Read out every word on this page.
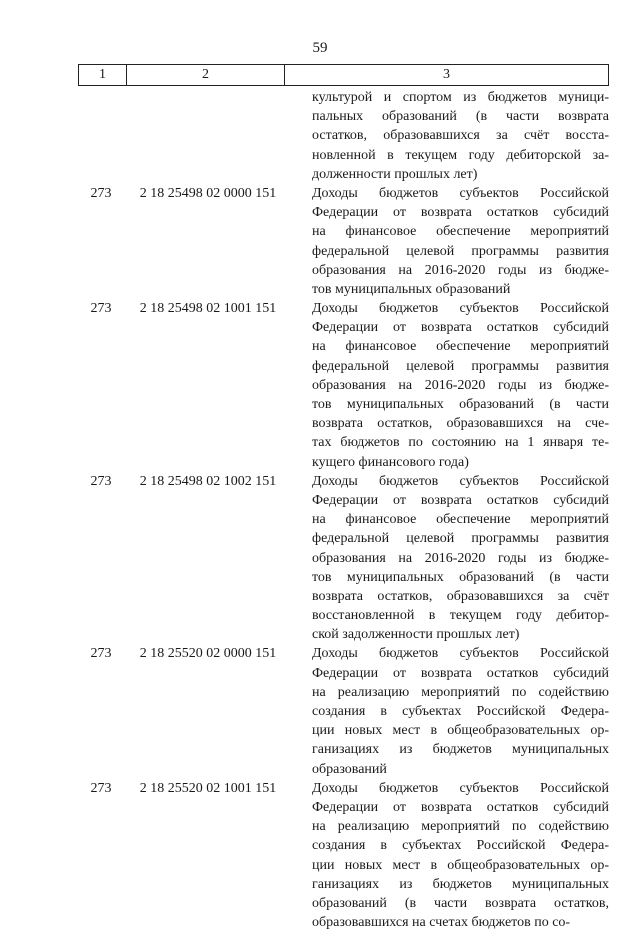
59
1	2	3
культурой и спортом из бюджетов муници-
пальных образований (в части возврата
остатков, образовавшихся за счёт восста-
новленной в текущем году дебиторской за-
долженности прошлых лет)
273	2 18 25498 02 0000 151	Доходы бюджетов субъектов Российской
Федерации от возврата остатков субсидий
на финансовое обеспечение мероприятий
федеральной целевой программы развития
образования на 2016-2020 годы из бюдже-
тов муниципальных образований
273	2 18 25498 02 1001 151	Доходы бюджетов субъектов Российской
Федерации от возврата остатков субсидий
на финансовое обеспечение мероприятий
федеральной целевой программы развития
образования на 2016-2020 годы из бюдже-
тов муниципальных образований (в части
возврата остатков, образовавшихся на сче-
тах бюджетов по состоянию на 1 января те-
кущего финансового года)
273	2 18 25498 02 1002 151	Доходы бюджетов субъектов Российской
Федерации от возврата остатков субсидий
на финансовое обеспечение мероприятий
федеральной целевой программы развития
образования на 2016-2020 годы из бюдже-
тов муниципальных образований (в части
возврата остатков, образовавшихся за счёт
восстановленной в текущем году дебитор-
ской задолженности прошлых лет)
273	2 18 25520 02 0000 151	Доходы бюджетов субъектов Российской
Федерации от возврата остатков субсидий
на реализацию мероприятий по содействию
создания в субъектах Российской Федера-
ции новых мест в общеобразовательных ор-
ганизациях из бюджетов муниципальных
образований
273	2 18 25520 02 1001 151	Доходы бюджетов субъектов Российской
Федерации от возврата остатков субсидий
на реализацию мероприятий по содействию
создания в субъектах Российской Федера-
ции новых мест в общеобразовательных ор-
ганизациях из бюджетов муниципальных
образований (в части возврата остатков,
образовавшихся на счетах бюджетов по со-
